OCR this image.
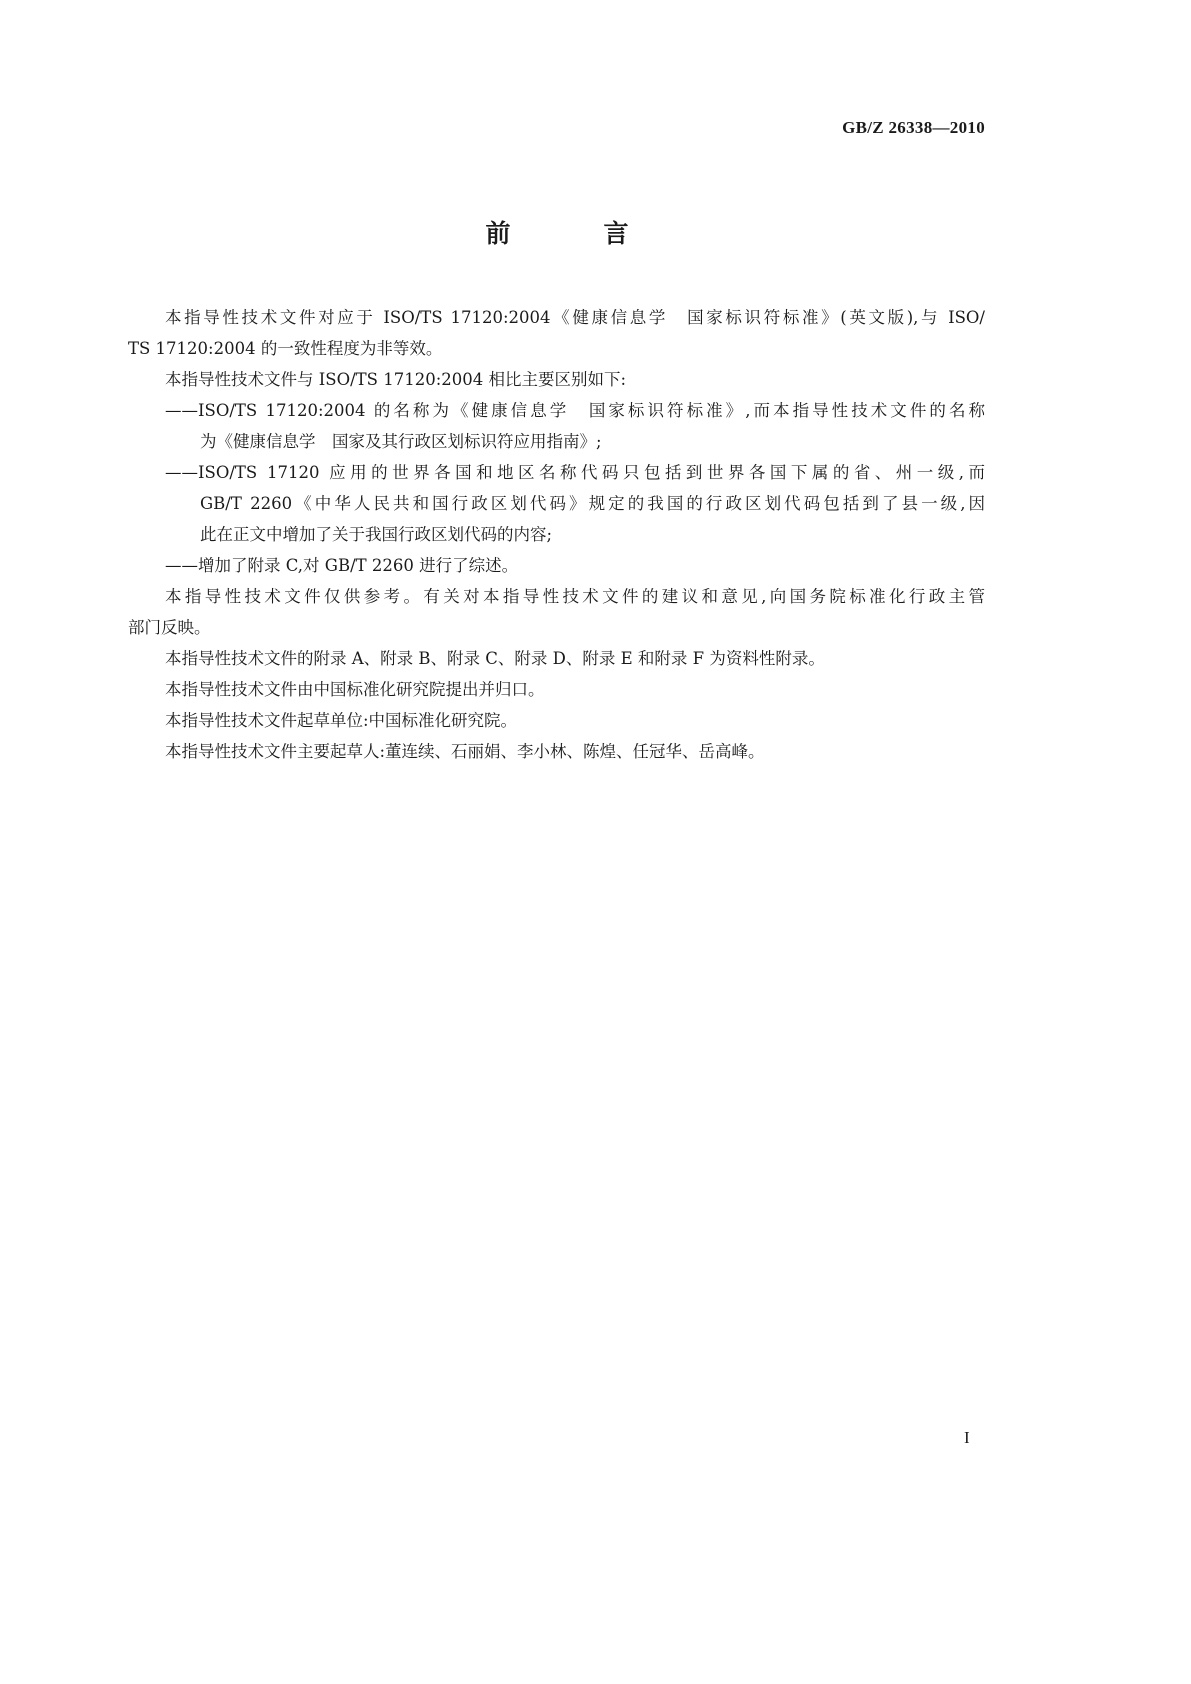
GB/Z 26338—2010
前　言
本指导性技术文件对应于 ISO/TS 17120:2004《健康信息学　国家标识符标准》(英文版),与 ISO/
TS 17120:2004 的一致性程度为非等效。
本指导性技术文件与 ISO/TS 17120:2004 相比主要区别如下:
——ISO/TS 17120:2004 的名称为《健康信息学　国家标识符标准》,而本指导性技术文件的名称
为《健康信息学　国家及其行政区划标识符应用指南》;
——ISO/TS 17120 应用的世界各国和地区名称代码只包括到世界各国下属的省、州一级,而
GB/T 2260《中华人民共和国行政区划代码》规定的我国的行政区划代码包括到了县一级,因
此在正文中增加了关于我国行政区划代码的内容;
——增加了附录 C,对 GB/T 2260 进行了综述。
本指导性技术文件仅供参考。有关对本指导性技术文件的建议和意见,向国务院标准化行政主管
部门反映。
本指导性技术文件的附录 A、附录 B、附录 C、附录 D、附录 E 和附录 F 为资料性附录。
本指导性技术文件由中国标准化研究院提出并归口。
本指导性技术文件起草单位:中国标准化研究院。
本指导性技术文件主要起草人:董连续、石丽娟、李小林、陈煌、任冠华、岳高峰。
I
